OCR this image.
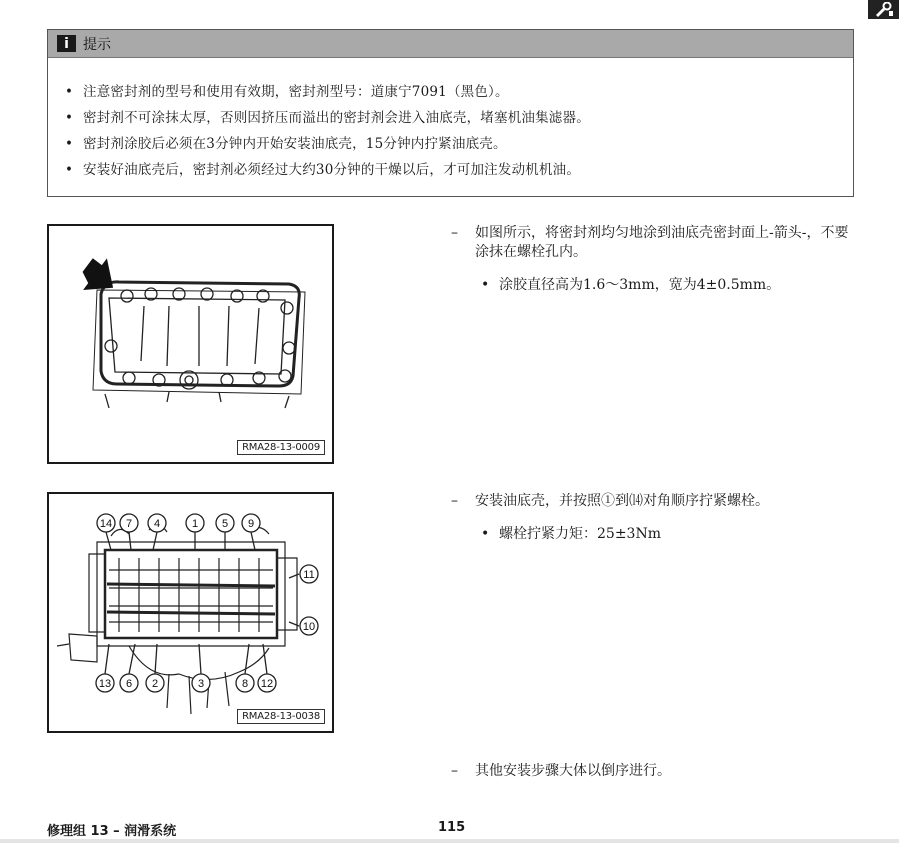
i	提示
• 注意密封剂的型号和使用有效期，密封剂型号：道康宁7091（黑色）。
• 密封剂不可涂抹太厚，否则因挤压而溢出的密封剂会进入油底壳，堵塞机油集滤器。
• 密封剂涂胶后必须在3分钟内开始安装油底壳，15分钟内拧紧油底壳。
• 安装好油底壳后，密封剂必须经过大约30分钟的干燥以后，才可加注发动机机油。
RMA28-13-0009
14 7 4	1 5 9
11
10
13 6 2	3	8 12
RMA28-13-0038
– 如图所示，将密封剂均匀地涂到油底壳密封面上-箭头-，不要涂抹在螺栓孔内。
• 涂胶直径高为1.6～3mm，宽为4±0.5mm。
– 安装油底壳，并按照①到⒁对角顺序拧紧螺栓。
• 螺栓拧紧力矩：25±3Nm
– 其他安装步骤大体以倒序进行。
修理组 13 – 润滑系统	115
